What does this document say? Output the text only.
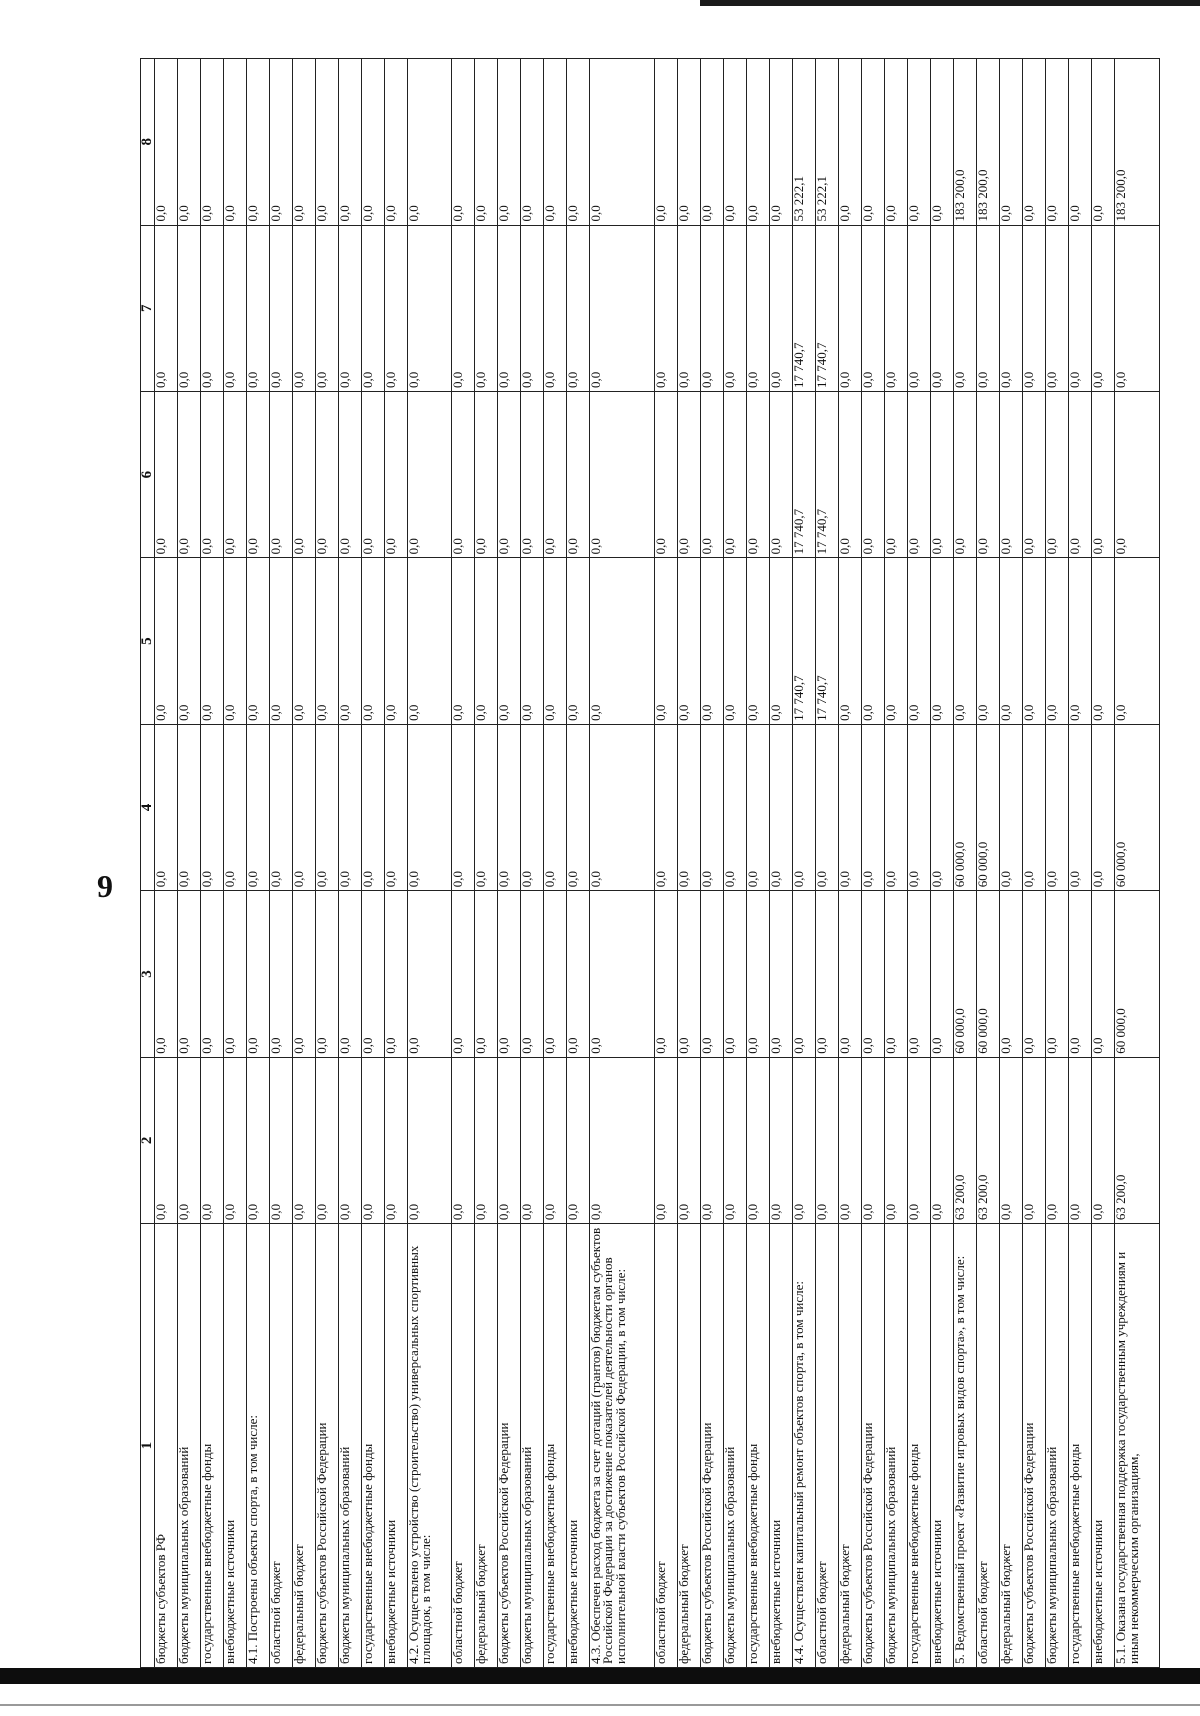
9
1	2	3	4	5	6	7	8
бюджеты субъектов РФ	0,0	0,0	0,0	0,0	0,0	0,0	0,0
бюджеты муниципальных образований	0,0	0,0	0,0	0,0	0,0	0,0	0,0
государственные внебюджетные фонды	0,0	0,0	0,0	0,0	0,0	0,0	0,0
внебюджетные источники	0,0	0,0	0,0	0,0	0,0	0,0	0,0
4.1. Построены объекты спорта, в том числе:	0,0	0,0	0,0	0,0	0,0	0,0	0,0
областной бюджет	0,0	0,0	0,0	0,0	0,0	0,0	0,0
федеральный бюджет	0,0	0,0	0,0	0,0	0,0	0,0	0,0
бюджеты субъектов Российской Федерации	0,0	0,0	0,0	0,0	0,0	0,0	0,0
бюджеты муниципальных образований	0,0	0,0	0,0	0,0	0,0	0,0	0,0
государственные внебюджетные фонды	0,0	0,0	0,0	0,0	0,0	0,0	0,0
внебюджетные источники	0,0	0,0	0,0	0,0	0,0	0,0	0,0
4.2. Осуществлено устройство (строительство) универсальных спортивных площадок, в том числе:	0,0	0,0	0,0	0,0	0,0	0,0	0,0
областной бюджет	0,0	0,0	0,0	0,0	0,0	0,0	0,0
федеральный бюджет	0,0	0,0	0,0	0,0	0,0	0,0	0,0
бюджеты субъектов Российской Федерации	0,0	0,0	0,0	0,0	0,0	0,0	0,0
бюджеты муниципальных образований	0,0	0,0	0,0	0,0	0,0	0,0	0,0
государственные внебюджетные фонды	0,0	0,0	0,0	0,0	0,0	0,0	0,0
внебюджетные источники	0,0	0,0	0,0	0,0	0,0	0,0	0,0
4.3. Обеспечен расход бюджета за счет дотаций (грантов) бюджетам субъектов Российской Федерации за достижение показателей деятельности органов исполнительной власти субъектов Российской Федерации, в том числе:	0,0	0,0	0,0	0,0	0,0	0,0	0,0
областной бюджет	0,0	0,0	0,0	0,0	0,0	0,0	0,0
федеральный бюджет	0,0	0,0	0,0	0,0	0,0	0,0	0,0
бюджеты субъектов Российской Федерации	0,0	0,0	0,0	0,0	0,0	0,0	0,0
бюджеты муниципальных образований	0,0	0,0	0,0	0,0	0,0	0,0	0,0
государственные внебюджетные фонды	0,0	0,0	0,0	0,0	0,0	0,0	0,0
внебюджетные источники	0,0	0,0	0,0	0,0	0,0	0,0	0,0
4.4. Осуществлен капитальный ремонт объектов спорта, в том числе:	0,0	0,0	0,0	17 740,7	17 740,7	17 740,7	53 222,1
областной бюджет	0,0	0,0	0,0	17 740,7	17 740,7	17 740,7	53 222,1
федеральный бюджет	0,0	0,0	0,0	0,0	0,0	0,0	0,0
бюджеты субъектов Российской Федерации	0,0	0,0	0,0	0,0	0,0	0,0	0,0
бюджеты муниципальных образований	0,0	0,0	0,0	0,0	0,0	0,0	0,0
государственные внебюджетные фонды	0,0	0,0	0,0	0,0	0,0	0,0	0,0
внебюджетные источники	0,0	0,0	0,0	0,0	0,0	0,0	0,0
5. Ведомственный проект «Развитие игровых видов спорта», в том числе:	63 200,0	60 000,0	60 000,0	0,0	0,0	0,0	183 200,0
областной бюджет	63 200,0	60 000,0	60 000,0	0,0	0,0	0,0	183 200,0
федеральный бюджет	0,0	0,0	0,0	0,0	0,0	0,0	0,0
бюджеты субъектов Российской Федерации	0,0	0,0	0,0	0,0	0,0	0,0	0,0
бюджеты муниципальных образований	0,0	0,0	0,0	0,0	0,0	0,0	0,0
государственные внебюджетные фонды	0,0	0,0	0,0	0,0	0,0	0,0	0,0
внебюджетные источники	0,0	0,0	0,0	0,0	0,0	0,0	0,0
5.1. Оказана государственная поддержка государственным учреждениям и иным некоммерческим организациям,	63 200,0	60 000,0	60 000,0	0,0	0,0	0,0	183 200,0
